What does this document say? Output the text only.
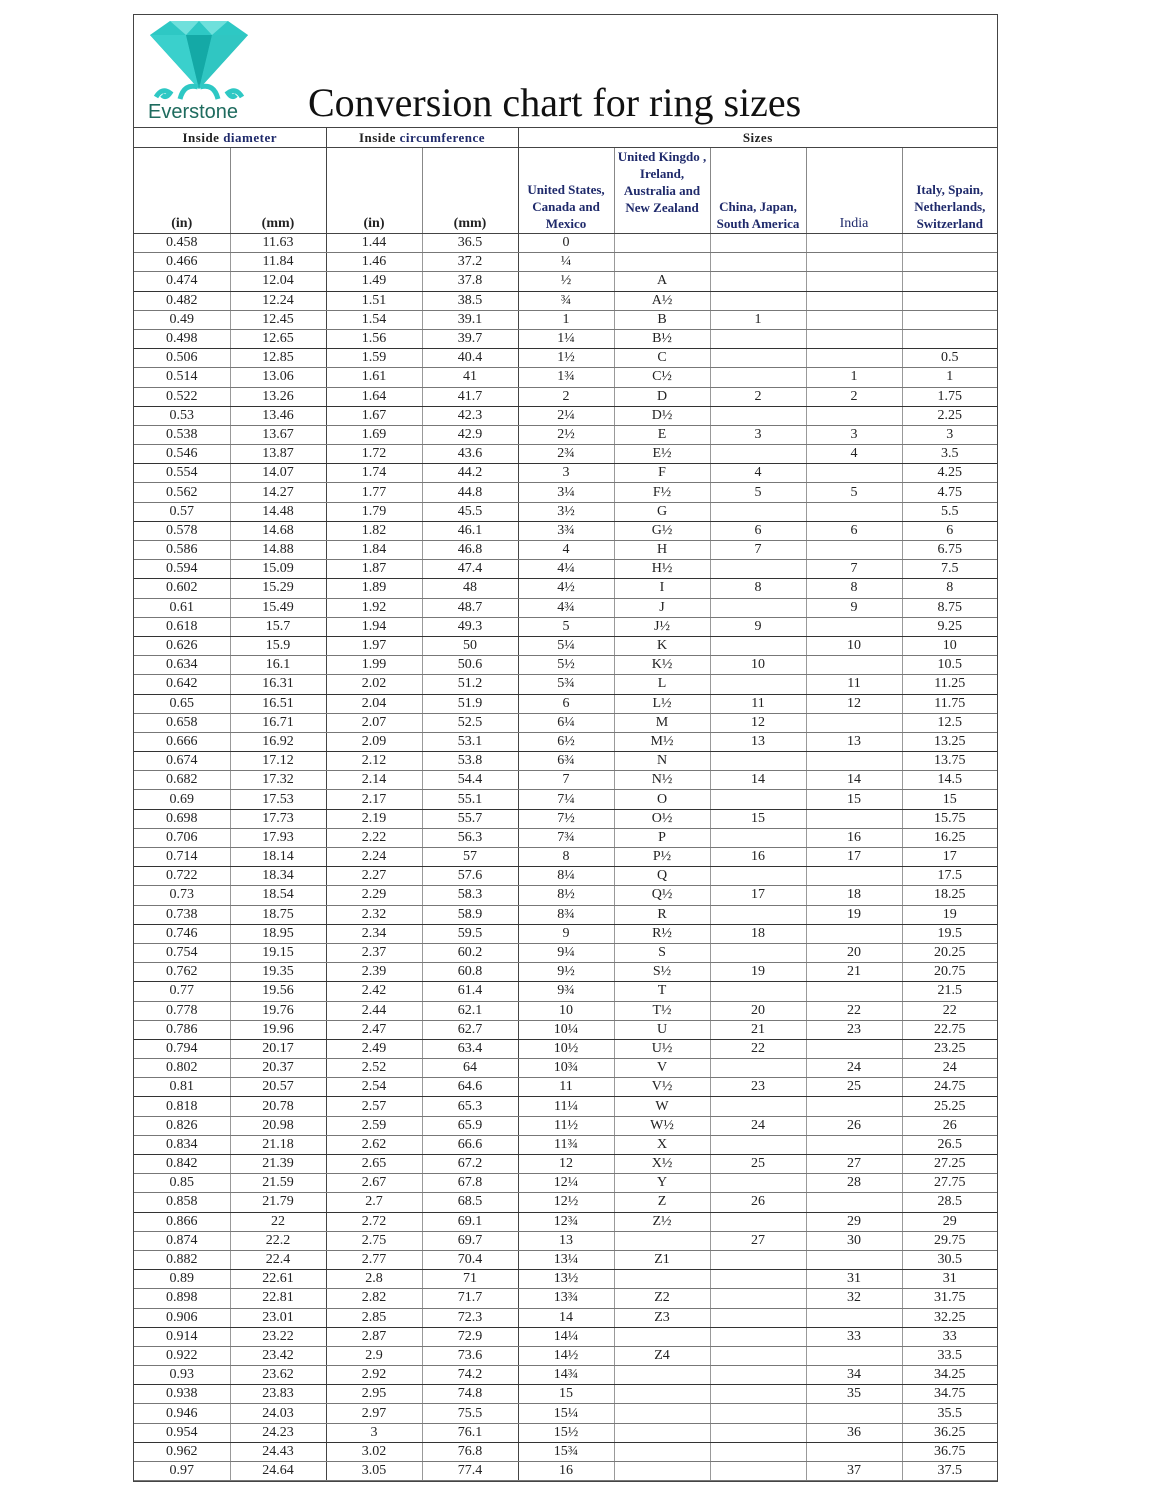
Everstone Conversion chart for ring sizes
Inside diameter		Inside circumference		Sizes				
(in)	(mm)	(in)	(mm)	United States, Canada and Mexico	United Kingdo , Ireland, Australia and New Zealand	China, Japan, South America	India	Italy, Spain, Netherlands, Switzerland
0.458	11.63	1.44	36.5	0				
0.466	11.84	1.46	37.2	¼				
0.474	12.04	1.49	37.8	½	A			
0.482	12.24	1.51	38.5	¾	A½			
0.49	12.45	1.54	39.1	1	B	1		
0.498	12.65	1.56	39.7	1¼	B½			
0.506	12.85	1.59	40.4	1½	C			0.5
0.514	13.06	1.61	41	1¾	C½		1	1
0.522	13.26	1.64	41.7	2	D	2	2	1.75
0.53	13.46	1.67	42.3	2¼	D½			2.25
0.538	13.67	1.69	42.9	2½	E	3	3	3
0.546	13.87	1.72	43.6	2¾	E½		4	3.5
0.554	14.07	1.74	44.2	3	F	4		4.25
0.562	14.27	1.77	44.8	3¼	F½	5	5	4.75
0.57	14.48	1.79	45.5	3½	G			5.5
0.578	14.68	1.82	46.1	3¾	G½	6	6	6
0.586	14.88	1.84	46.8	4	H	7		6.75
0.594	15.09	1.87	47.4	4¼	H½		7	7.5
0.602	15.29	1.89	48	4½	I	8	8	8
0.61	15.49	1.92	48.7	4¾	J		9	8.75
0.618	15.7	1.94	49.3	5	J½	9		9.25
0.626	15.9	1.97	50	5¼	K		10	10
0.634	16.1	1.99	50.6	5½	K½	10		10.5
0.642	16.31	2.02	51.2	5¾	L		11	11.25
0.65	16.51	2.04	51.9	6	L½	11	12	11.75
0.658	16.71	2.07	52.5	6¼	M	12		12.5
0.666	16.92	2.09	53.1	6½	M½	13	13	13.25
0.674	17.12	2.12	53.8	6¾	N			13.75
0.682	17.32	2.14	54.4	7	N½	14	14	14.5
0.69	17.53	2.17	55.1	7¼	O		15	15
0.698	17.73	2.19	55.7	7½	O½	15		15.75
0.706	17.93	2.22	56.3	7¾	P		16	16.25
0.714	18.14	2.24	57	8	P½	16	17	17
0.722	18.34	2.27	57.6	8¼	Q			17.5
0.73	18.54	2.29	58.3	8½	Q½	17	18	18.25
0.738	18.75	2.32	58.9	8¾	R		19	19
0.746	18.95	2.34	59.5	9	R½	18		19.5
0.754	19.15	2.37	60.2	9¼	S		20	20.25
0.762	19.35	2.39	60.8	9½	S½	19	21	20.75
0.77	19.56	2.42	61.4	9¾	T			21.5
0.778	19.76	2.44	62.1	10	T½	20	22	22
0.786	19.96	2.47	62.7	10¼	U	21	23	22.75
0.794	20.17	2.49	63.4	10½	U½	22		23.25
0.802	20.37	2.52	64	10¾	V		24	24
0.81	20.57	2.54	64.6	11	V½	23	25	24.75
0.818	20.78	2.57	65.3	11¼	W			25.25
0.826	20.98	2.59	65.9	11½	W½	24	26	26
0.834	21.18	2.62	66.6	11¾	X			26.5
0.842	21.39	2.65	67.2	12	X½	25	27	27.25
0.85	21.59	2.67	67.8	12¼	Y		28	27.75
0.858	21.79	2.7	68.5	12½	Z	26		28.5
0.866	22	2.72	69.1	12¾	Z½		29	29
0.874	22.2	2.75	69.7	13		27	30	29.75
0.882	22.4	2.77	70.4	13¼	Z1			30.5
0.89	22.61	2.8	71	13½			31	31
0.898	22.81	2.82	71.7	13¾	Z2		32	31.75
0.906	23.01	2.85	72.3	14	Z3			32.25
0.914	23.22	2.87	72.9	14¼			33	33
0.922	23.42	2.9	73.6	14½	Z4			33.5
0.93	23.62	2.92	74.2	14¾			34	34.25
0.938	23.83	2.95	74.8	15			35	34.75
0.946	24.03	2.97	75.5	15¼				35.5
0.954	24.23	3	76.1	15½			36	36.25
0.962	24.43	3.02	76.8	15¾				36.75
0.97	24.64	3.05	77.4	16			37	37.5
